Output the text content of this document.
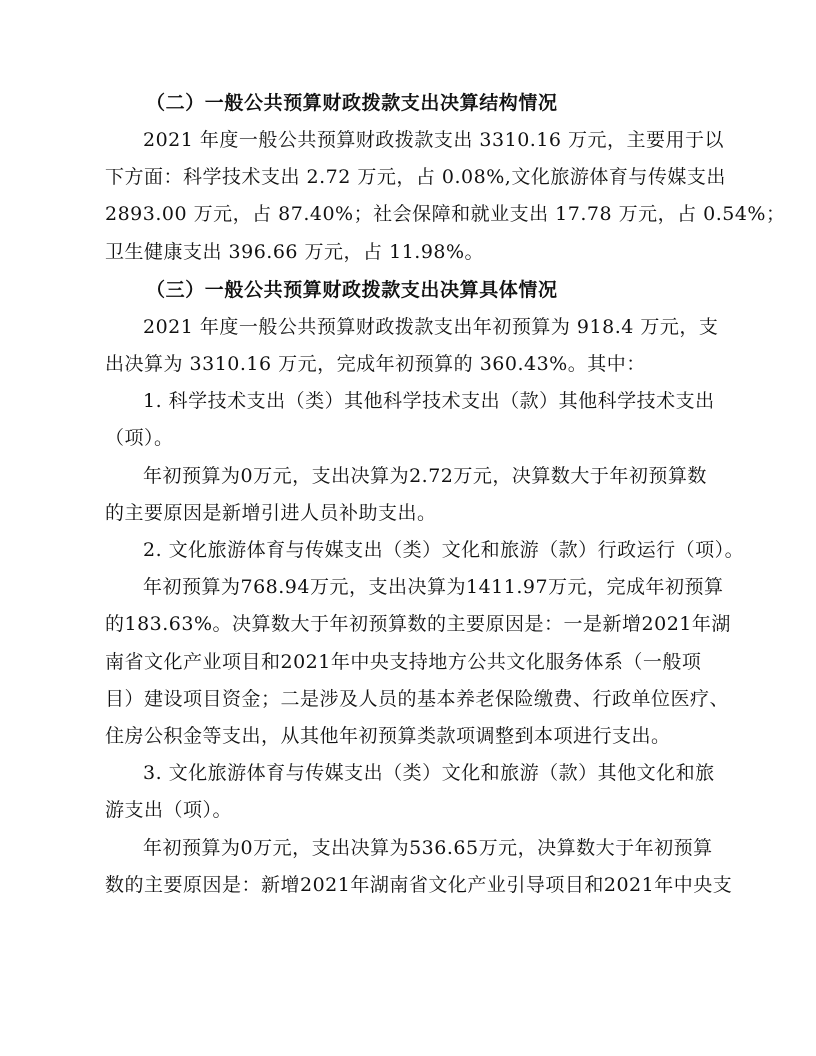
（二）一般公共预算财政拨款支出决算结构情况
2021 年度一般公共预算财政拨款支出 3310.16 万元，主要用于以
下方面：科学技术支出 2.72 万元，占 0.08%,文化旅游体育与传媒支出
2893.00 万元，占 87.40%；社会保障和就业支出 17.78 万元，占 0.54%；
卫生健康支出 396.66 万元，占 11.98%。
（三）一般公共预算财政拨款支出决算具体情况
2021 年度一般公共预算财政拨款支出年初预算为 918.4 万元，支
出决算为 3310.16 万元，完成年初预算的 360.43%。其中：
1. 科学技术支出（类）其他科学技术支出（款）其他科学技术支出
（项）。
年初预算为0万元，支出决算为2.72万元，决算数大于年初预算数
的主要原因是新增引进人员补助支出。
2. 文化旅游体育与传媒支出（类）文化和旅游（款）行政运行（项）。
年初预算为768.94万元，支出决算为1411.97万元，完成年初预算
的183.63%。决算数大于年初预算数的主要原因是：一是新增2021年湖
南省文化产业项目和2021年中央支持地方公共文化服务体系（一般项
目）建设项目资金；二是涉及人员的基本养老保险缴费、行政单位医疗、
住房公积金等支出，从其他年初预算类款项调整到本项进行支出。
3. 文化旅游体育与传媒支出（类）文化和旅游（款）其他文化和旅
游支出（项）。
年初预算为0万元，支出决算为536.65万元，决算数大于年初预算
数的主要原因是：新增2021年湖南省文化产业引导项目和2021年中央支
